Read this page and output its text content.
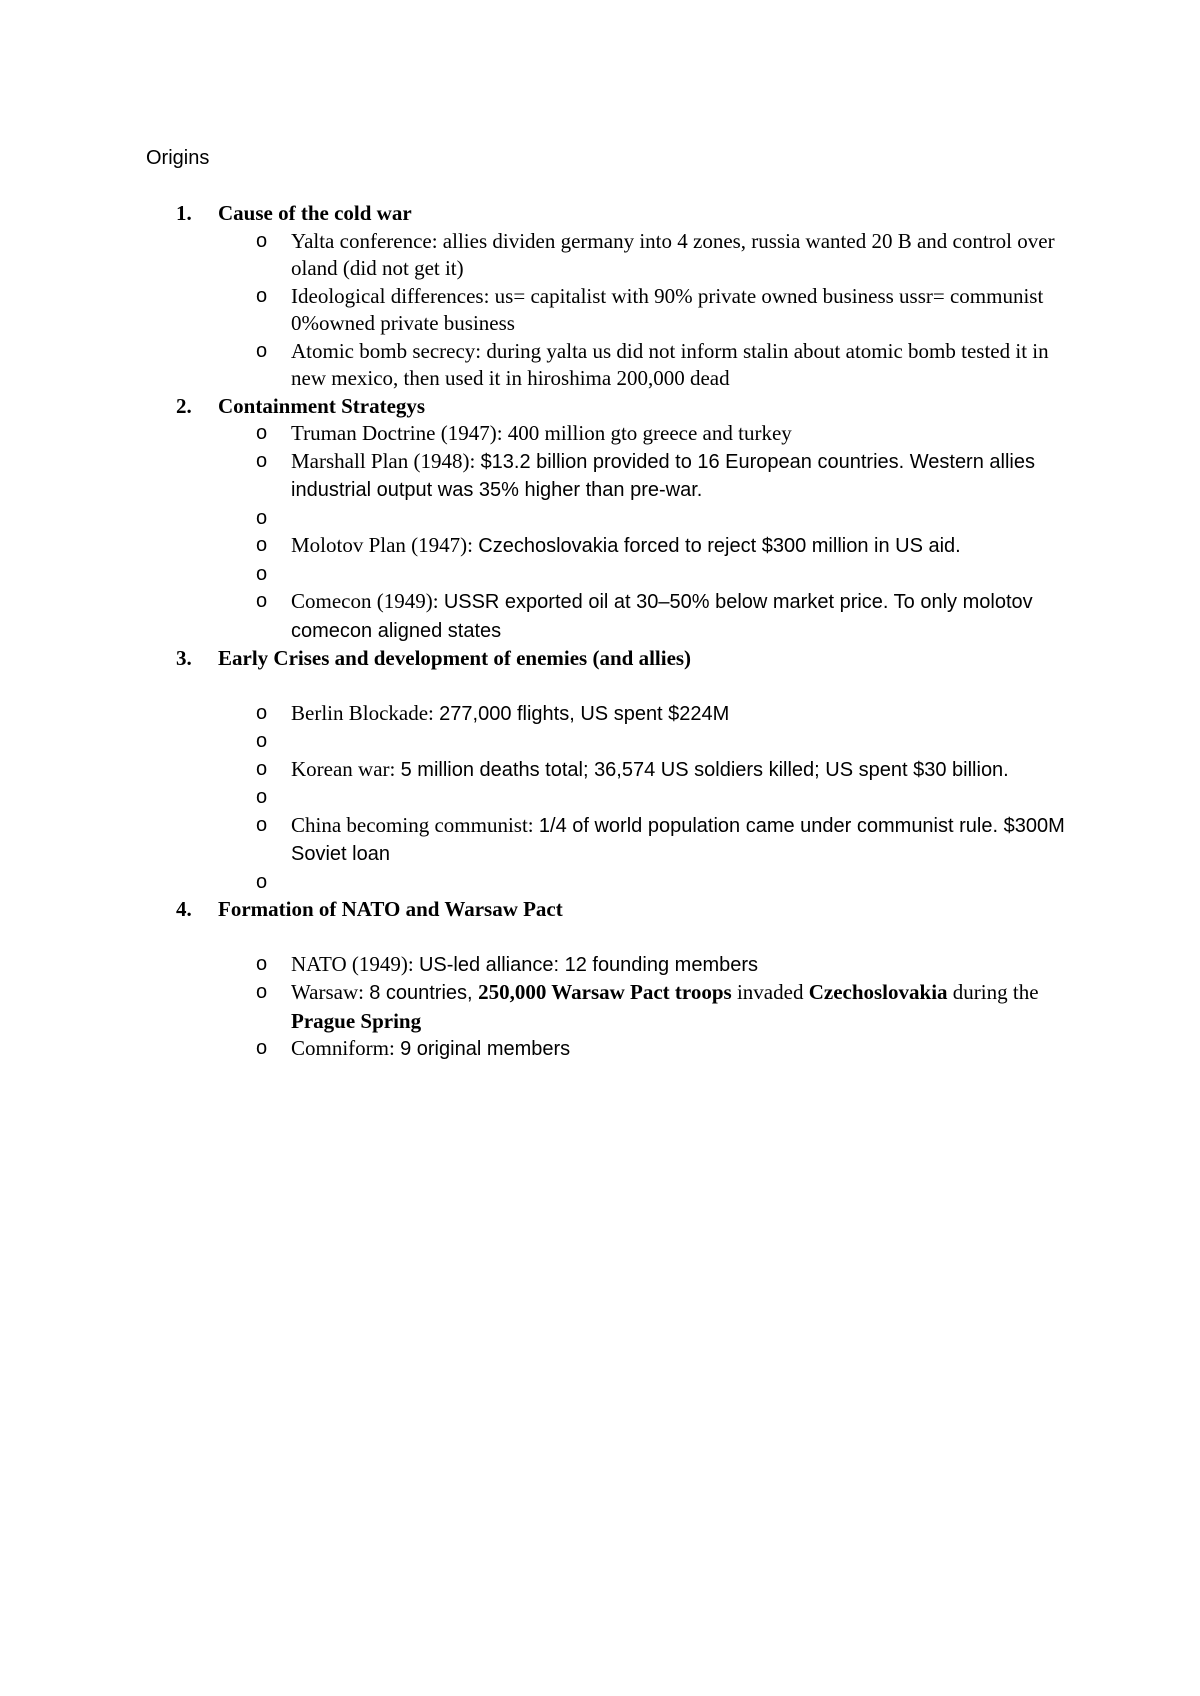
Origins
1. Cause of the cold war
o Yalta conference: allies dividen germany into 4 zones, russia wanted 20 B and control over oland (did not get it)
o Ideological differences: us= capitalist with 90% private owned business ussr= communist 0%owned private business
o Atomic bomb secrecy: during yalta us did not inform stalin about atomic bomb tested it in new mexico, then used it in hiroshima 200,000 dead
2. Containment Strategys
o Truman Doctrine (1947): 400 million gto greece and turkey
o Marshall Plan (1948): $13.2 billion provided to 16 European countries. Western allies industrial output was 35% higher than pre-war.
o
o Molotov Plan (1947): Czechoslovakia forced to reject $300 million in US aid.
o
o Comecon (1949): USSR exported oil at 30–50% below market price. To only molotov comecon aligned states
3. Early Crises and development of enemies (and allies)
o Berlin Blockade: 277,000 flights, US spent $224M
o
o Korean war: 5 million deaths total; 36,574 US soldiers killed; US spent $30 billion.
o
o China becoming communist: 1/4 of world population came under communist rule. $300M Soviet loan
o
4. Formation of NATO and Warsaw Pact
o NATO (1949): US-led alliance: 12 founding members
o Warsaw: 8 countries, 250,000 Warsaw Pact troops invaded Czechoslovakia during the Prague Spring
o Comniform: 9 original members
